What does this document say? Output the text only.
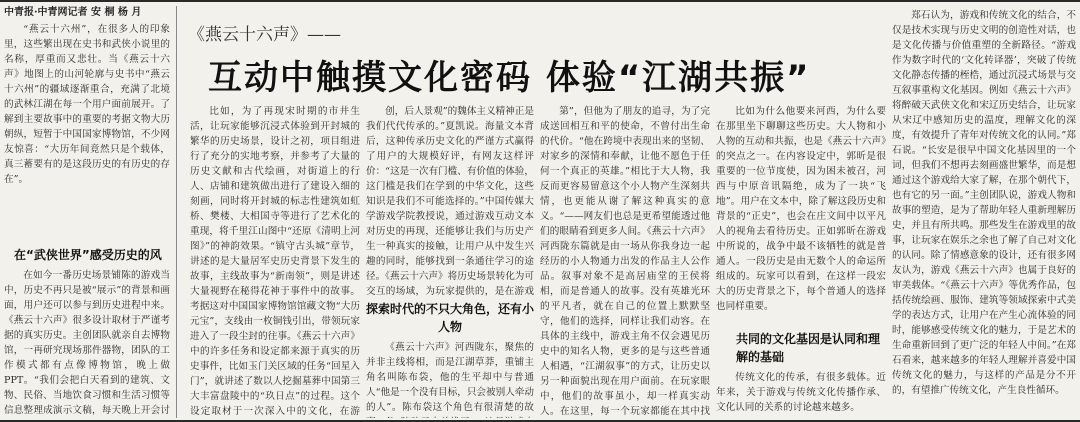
中青报·中青网记者 安 桐 杨 月

“燕云十六州”，在很多人的印象里，这些繁出现在史书和武侠小说里的名称，厚重而又悲壮。当《燕云十六声》地图上的山河轮廓与史书中“燕云十六州”的疆域逐渐重合，充满了北境的武林江湖在每一个用户面前展开。了解到主要故事中的重要的考据文物大历朝纵，短暂于中国国家博物馆，不少网友惊喜：“大历年间竟然只是个载体，真三蓄要有的是这段历史的有历史的存在”。

在“武侠世界”感受历史的风

在如今一番历史场景铺陈的游戏当中，历史不再只是被“展示”的背景和画面，用户还可以参与到历史进程中来。《燕云十六声》很多设计取材于严谨考据的真实历史。主创团队就亲自去博物馆，一再研究现场那件器物，团队的工作模式都有点像博物馆，晚上做PPT。“我们会把白天看到的建筑、文物、民俗、当地饮食习惯和生活习惯等信息整理成演示文稿，每天晚上开会讨

《燕云十六声》——
互动中触摸文化密码 体验“江湖共振”

比如，为了再现宋时期的市井生活，让玩家能够沉浸式体验到开封城的繁华的历史场景，设计之初，项目组进行了充分的实地考察，并参考了大量的历史文献和古代绘画，对街道上的行人、店铺和建筑做出进行了建设入细的刻画，同时将开封城的标志性建筑如虹桥、樊楼、大相国寺等进行了艺术化的重现，将千里江山图中“还原《清明上河图》”的神韵效果。“镇守古头城”章节，讲述的是大量居军史历史背景下发生的故事，主线故事为“新南领”，则是讲述大量视野在秘得花神于事件中的故事。考据这对中国国家博物馆馆藏文物“大历元宝”，支线由一枚铜钱引出，带领玩家进入了一段尘封的往事。《燕云十六声》中的许多任务和设定都来源于真实的历史事件，比如玉门关区域的任务“回星入门”，就讲述了数以人挖掘墓葬中国第三大丰富盘陵中的“玖日点”的过程。这个设定取材于一次深入中的文化，在游

创，后人景观”的魏体主义精神正是我们代代传承的。”夏凯说。海量文本背后，这种传承历史文化的严谨方式赢得了用户的大规模好评，有网友这样评价：“这是一次有门槛、有价值的体验，这门槛是我们在学到的中华文化，这些知识是我们不可能选择的。”中国传媒大学游戏学院教授说，通过游戏互动文本对历史的再现，还能够让我们与历史产生一种真实的接触，让用户从中发生兴趣的同时，能够找到一条通往学习的途径。《燕云十六声》将历史场景转化为可交互的场域，为玩家提供的，是在游戏

探索时代的不只大角色，还有小人物

《燕云十六声》河西陇东，聚焦的并非主线将相，而是江湖草莽，重铺主角名叫陈布袋，他的生平却中与普通人“他是一个没有目标，只会被别人牵动的人”。陈布袋这个角色有很清楚的故

第”，但他为了朋友的追寻，为了完成送回相互和平的使命，不曾付出生命的代价。“他在跨境中表现出来的坚韧、对家乡的深情和奉献，让他不愿色于任何一个真正的英雄。”相比于大人物，我反而更容易留意这个小人物产生深刻共情，也更能从谢了解这种真实的意义。“——网友们也总是更希望能透过他们的眼睛看到更多人间。《燕云十六声》河西陇东篇就是由一场从你我身边一起经历的小人物通力出发的作品主人公作品。叙事对象不是高居庙堂的王侯将相，而是普通人的故事。没有英雄光环的平凡者，就在自己的位置上默默坚守，他们的选择，同样让我们动容。在具体的主线中，游戏主角不仅会遇见历史中的知名人物，更多的是与这些普通人相遇，“江湖叙事”的方式，让历史以另一种面貌出现在用户面前。在玩家眼中，他们的故事虽小，却一样真实动人。在这里，每一个玩家都能在其中找

比如为什么他要来河西，为什么要在那里坐下聊聊这些历史。大人物和小人物的互动和共振，也是《燕云十六声》的突点之一。在内容设定中，郭昕是很重要的一位节度使，因为困未被召，河西与中原音讯隔绝，成为了一块“飞地”。用户在文本中，除了解这段历史和背景的“正史”，也会在庄文间中以平凡人的视角去看待历史。正如郭昕在游戏中所说的，战争中最不该牺牲的就是普通人。一段历史是由无数个人的命运所组成的。玩家可以看到，在这样一段宏大的历史背景之下，每个普通人的选择也同样重要。

共同的文化基因是认同和理解的基础

传统文化的传承，有很多载体。近年来，关于游戏与传统文化传播作承、文化认同的关系的讨论越来越多。

郑石认为，游戏和传统文化的结合，不仅是技术实现与历史文明的创造性对话，也是文化传播与价值重塑的全新路径。“游戏作为数字时代的‘文化转译器’，突破了传统文化静态传播的桎梏，通过沉浸式场景与交互叙事重构文化基因。例如《燕云十六声》将醉破天武侠文化和宋辽历史结合，让玩家从宋辽中感知历史的温度，理解文化的深度，有效提升了青年对传统文化的认同。”郑石说。“长安是很早中国文化基因里的一个词，但我们不想再去刻画盛世繁华，而是想通过这个游戏给大家了解，在那个朝代下，也有它的另一面。”主创团队说，游戏人物和故事的塑造，是为了帮助年轻人重新理解历史，并且有所共鸣。那些发生在游戏里的故事，让玩家在娱乐之余也了解了自己对文化的认同。除了情感意象的设计，还有很多网友认为，游戏《燕云十六声》也属于良好的审美载体。“《燕云十六声》等优秀作品，包括传统绘画、服饰、建筑等领域探索中式美学的表达方式，让用户在产生心流体验的同时，能够感受传统文化的魅力，于是艺术的生命重新回到了更广泛的年轻人中间。”在郑石看来，越来越多的年轻人理解并喜爱中国传统文化的魅力，与这样的产品是分不开的，有望推广传统文化，产生良性循环。
